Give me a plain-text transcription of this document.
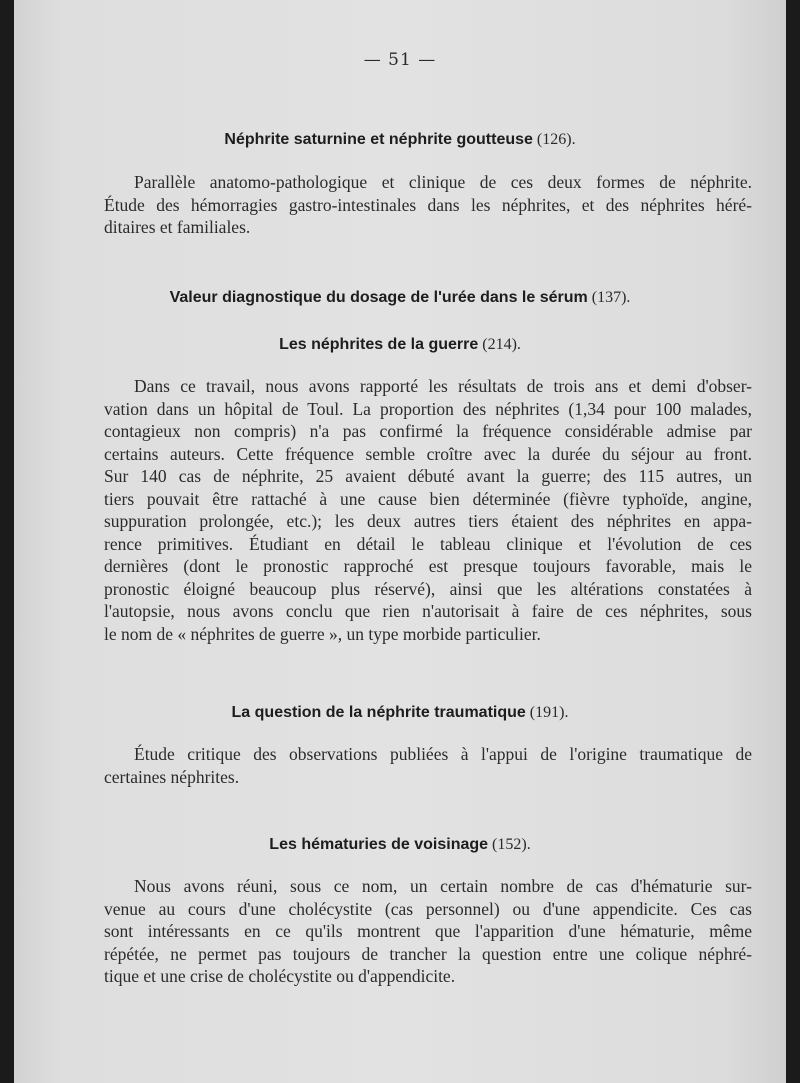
— 51 —
Néphrite saturnine et néphrite goutteuse (126).
Parallèle anatomo-pathologique et clinique de ces deux formes de néphrite.
Étude des hémorragies gastro-intestinales dans les néphrites, et des néphrites héré-
ditaires et familiales.
Valeur diagnostique du dosage de l'urée dans le sérum (137).
Les néphrites de la guerre (214).
Dans ce travail, nous avons rapporté les résultats de trois ans et demi d'obser-
vation dans un hôpital de Toul. La proportion des néphrites (1,34 pour 100 malades,
contagieux non compris) n'a pas confirmé la fréquence considérable admise par
certains auteurs. Cette fréquence semble croître avec la durée du séjour au front.
Sur 140 cas de néphrite, 25 avaient débuté avant la guerre; des 115 autres, un
tiers pouvait être rattaché à une cause bien déterminée (fièvre typhoïde, angine,
suppuration prolongée, etc.); les deux autres tiers étaient des néphrites en appa-
rence primitives. Étudiant en détail le tableau clinique et l'évolution de ces
dernières (dont le pronostic rapproché est presque toujours favorable, mais le
pronostic éloigné beaucoup plus réservé), ainsi que les altérations constatées à
l'autopsie, nous avons conclu que rien n'autorisait à faire de ces néphrites, sous
le nom de « néphrites de guerre », un type morbide particulier.
La question de la néphrite traumatique (191).
Étude critique des observations publiées à l'appui de l'origine traumatique de
certaines néphrites.
Les hématuries de voisinage (152).
Nous avons réuni, sous ce nom, un certain nombre de cas d'hématurie sur-
venue au cours d'une cholécystite (cas personnel) ou d'une appendicite. Ces cas
sont intéressants en ce qu'ils montrent que l'apparition d'une hématurie, même
répétée, ne permet pas toujours de trancher la question entre une colique néphré-
tique et une crise de cholécystite ou d'appendicite.
